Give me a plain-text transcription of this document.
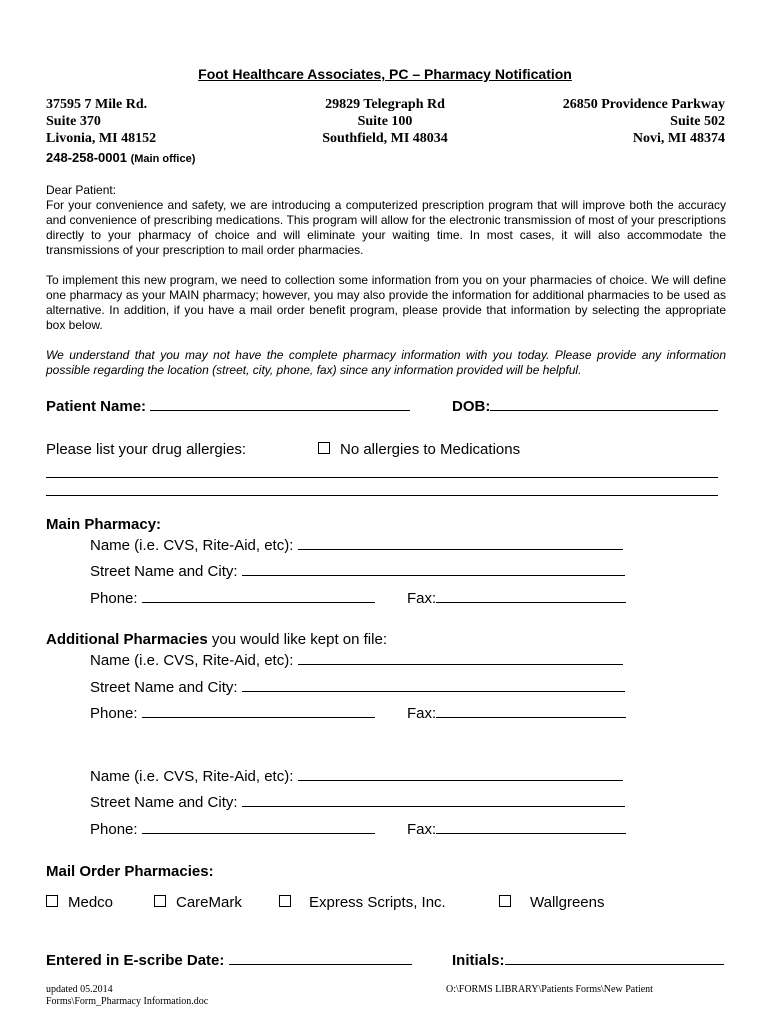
Foot Healthcare Associates, PC – Pharmacy Notification
37595 7 Mile Rd.
Suite 370
Livonia, MI 48152
29829 Telegraph Rd
Suite 100
Southfield, MI 48034
26850 Providence Parkway
Suite 502
Novi, MI 48374
248-258-0001 (Main office)
Dear Patient:
For your convenience and safety, we are introducing a computerized prescription program that will improve both the accuracy and convenience of prescribing medications. This program will allow for the electronic transmission of most of your prescriptions directly to your pharmacy of choice and will eliminate your waiting time. In most cases, it will also accommodate the transmissions of your prescription to mail order pharmacies.
To implement this new program, we need to collection some information from you on your pharmacies of choice. We will define one pharmacy as your MAIN pharmacy; however, you may also provide the information for additional pharmacies to be used as alternative. In addition, if you have a mail order benefit program, please provide that information by selecting the appropriate box below.
We understand that you may not have the complete pharmacy information with you today. Please provide any information possible regarding the location (street, city, phone, fax) since any information provided will be helpful.
Patient Name:	DOB:
Please list your drug allergies:	No allergies to Medications
Main Pharmacy:
Name (i.e. CVS, Rite-Aid, etc):
Street Name and City:
Phone:	Fax:
Additional Pharmacies you would like kept on file:
Name (i.e. CVS, Rite-Aid, etc):
Street Name and City:
Phone:	Fax:
Name (i.e. CVS, Rite-Aid, etc):
Street Name and City:
Phone:	Fax:
Mail Order Pharmacies:
Medco	CareMark	Express Scripts, Inc.	Wallgreens
Entered in E-scribe Date:	Initials:
updated 05.2014
Forms\Form_Pharmacy Information.doc
O:\FORMS LIBRARY\Patients Forms\New Patient
